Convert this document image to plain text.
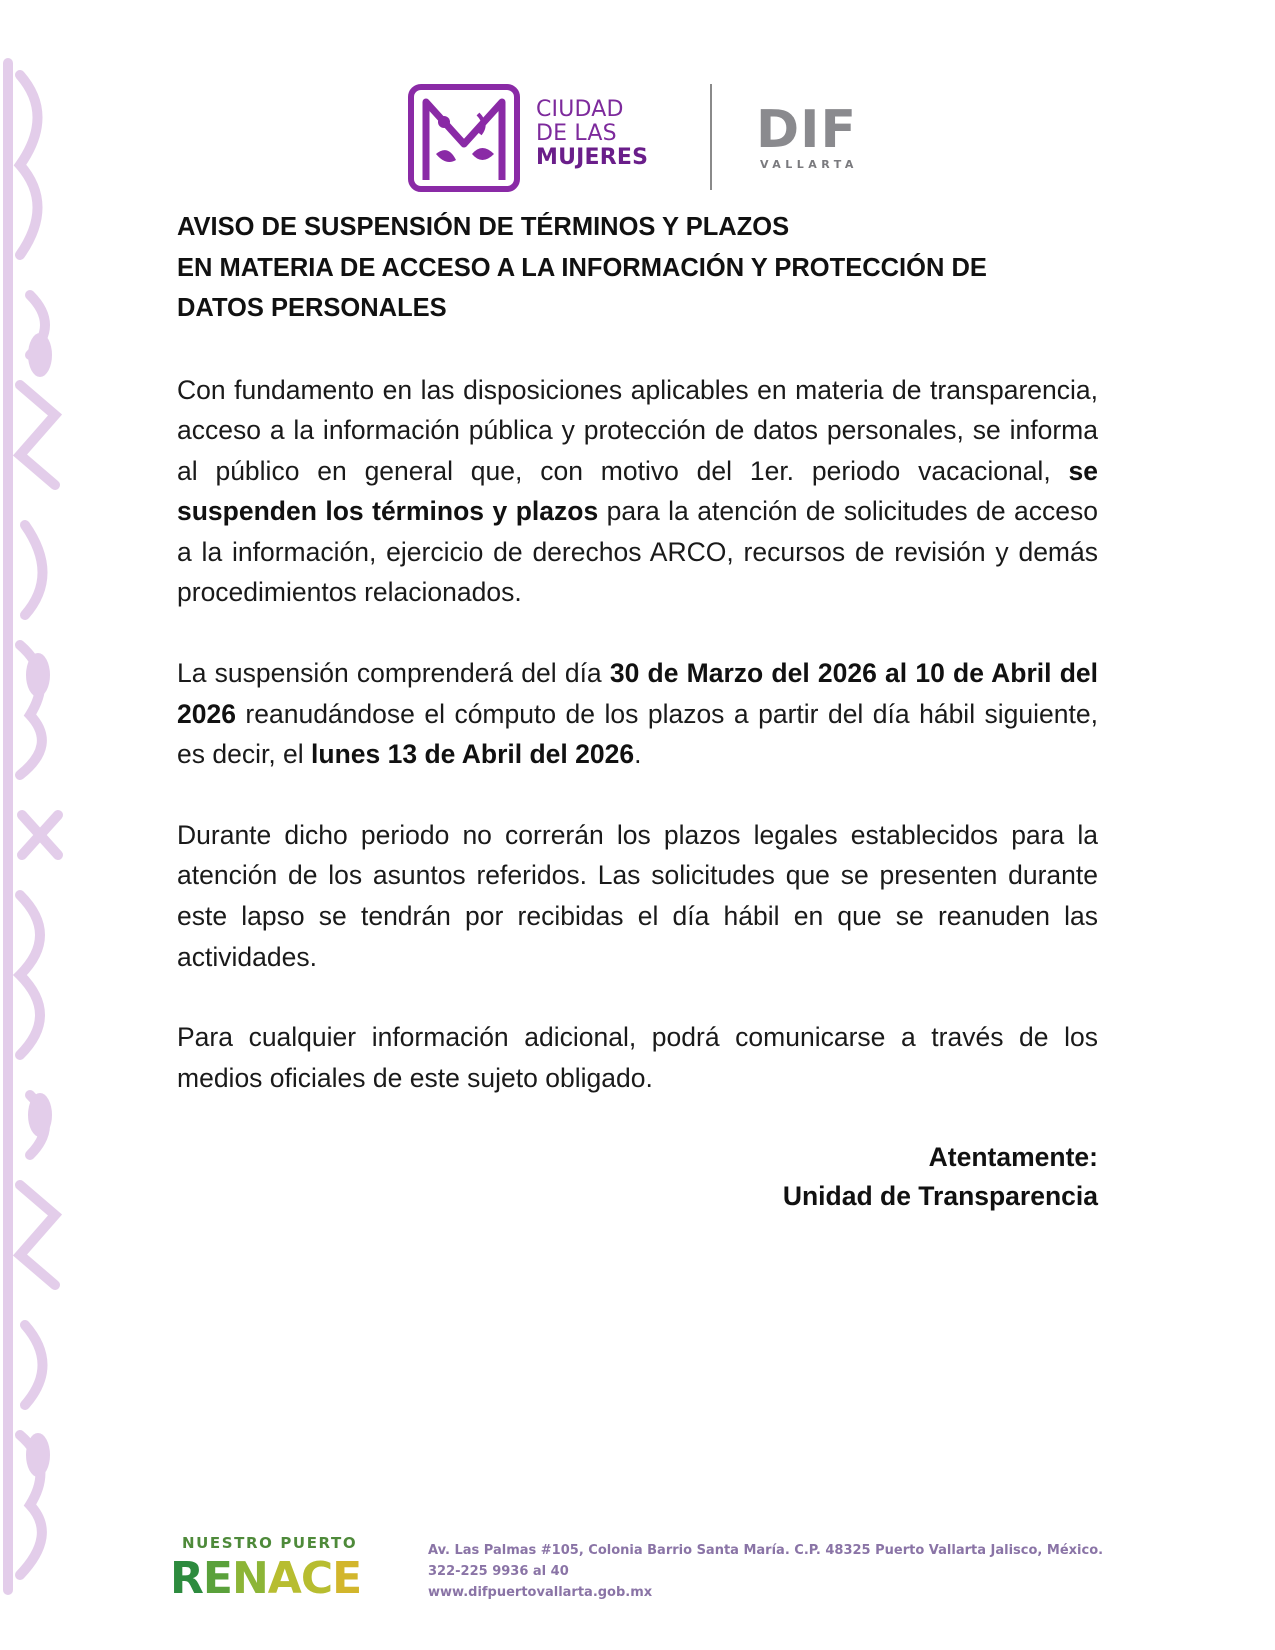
CIUDAD
DE LAS
MUJERES DIF
VALLARTA
AVISO DE SUSPENSIÓN DE TÉRMINOS Y PLAZOS
EN MATERIA DE ACCESO A LA INFORMACIÓN Y PROTECCIÓN DE
DATOS PERSONALES

Con fundamento en las disposiciones aplicables en materia de transparencia, acceso a la información pública y protección de datos personales, se informa al público en general que, con motivo del 1er. periodo vacacional, se suspenden los términos y plazos para la atención de solicitudes de acceso a la información, ejercicio de derechos ARCO, recursos de revisión y demás procedimientos relacionados.

La suspensión comprenderá del día 30 de Marzo del 2026 al 10 de Abril del 2026 reanudándose el cómputo de los plazos a partir del día hábil siguiente, es decir, el lunes 13 de Abril del 2026.

Durante dicho periodo no correrán los plazos legales establecidos para la atención de los asuntos referidos. Las solicitudes que se presenten durante este lapso se tendrán por recibidas el día hábil en que se reanuden las actividades.

Para cualquier información adicional, podrá comunicarse a través de los medios oficiales de este sujeto obligado.

Atentamente:
Unidad de Transparencia
NUESTRO PUERTO
RENACE
Av. Las Palmas #105, Colonia Barrio Santa María. C.P. 48325 Puerto Vallarta Jalisco, México.
322-225 9936 al 40
www.difpuertovallarta.gob.mx
